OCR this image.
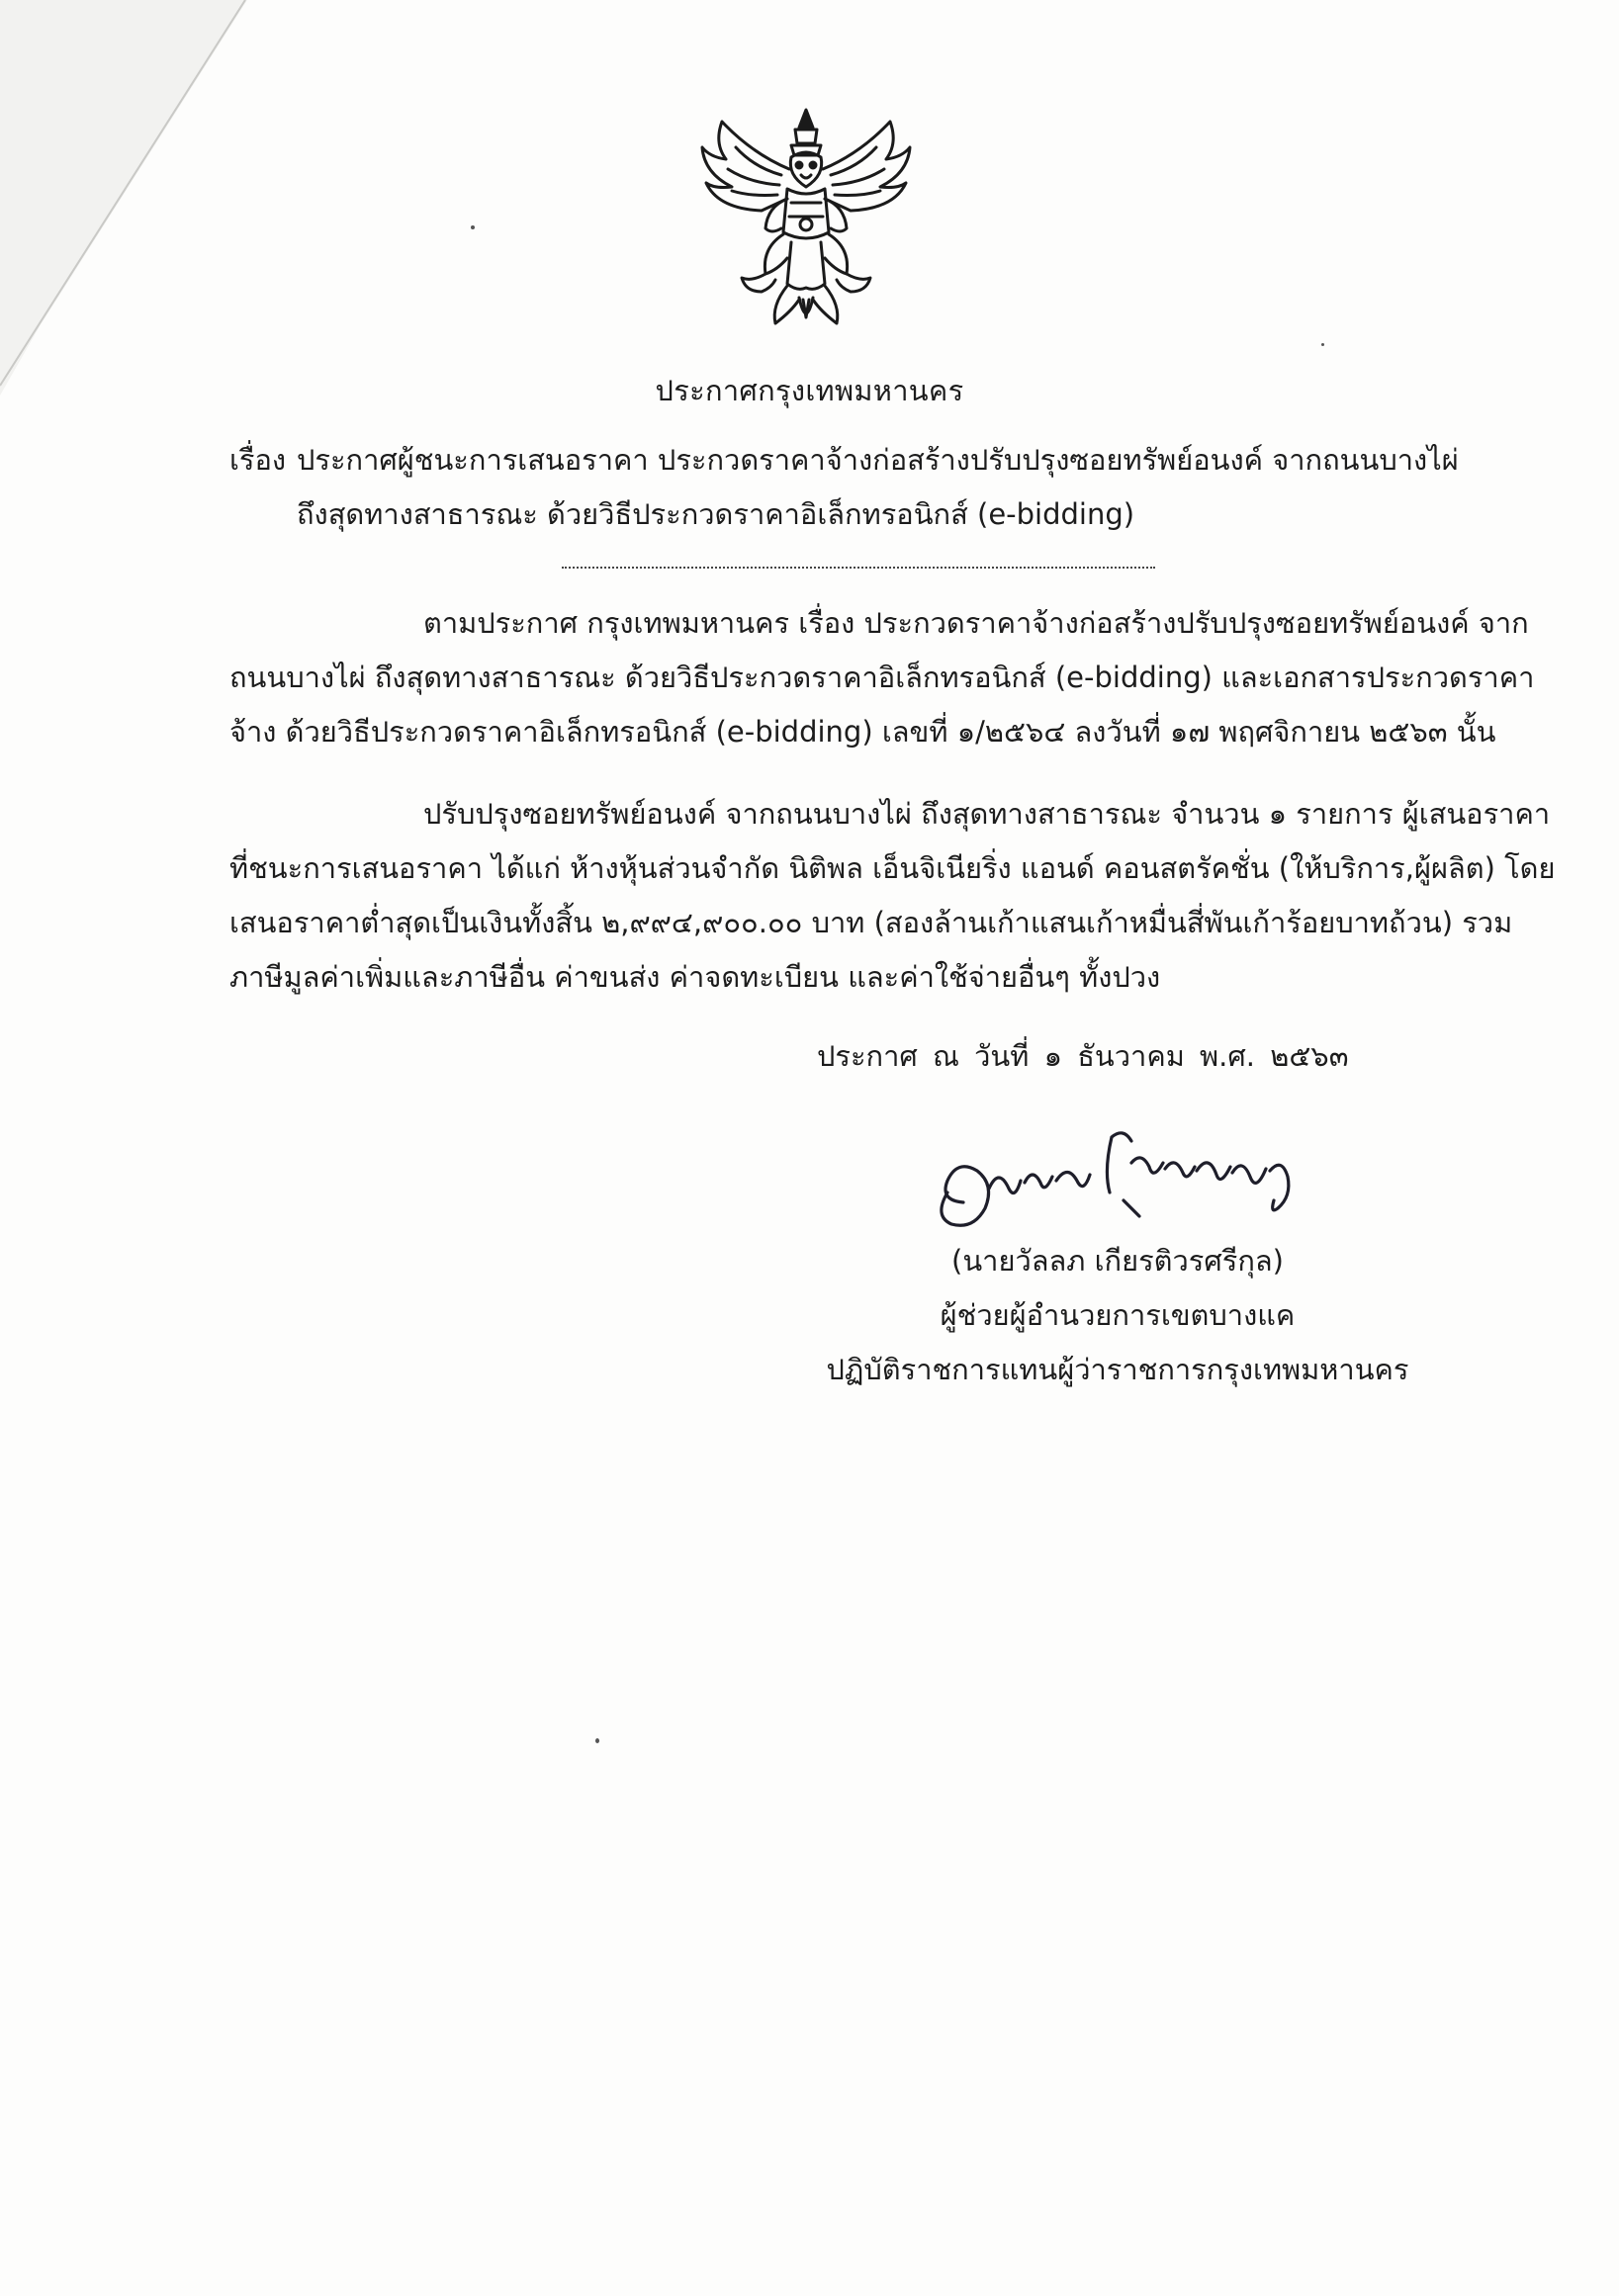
ประกาศกรุงเทพมหานคร
เรื่อง ประกาศผู้ชนะการเสนอราคา ประกวดราคาจ้างก่อสร้างปรับปรุงซอยทรัพย์อนงค์ จากถนนบางไผ่
ถึงสุดทางสาธารณะ ด้วยวิธีประกวดราคาอิเล็กทรอนิกส์ (e-bidding)
ตามประกาศ กรุงเทพมหานคร เรื่อง ประกวดราคาจ้างก่อสร้างปรับปรุงซอยทรัพย์อนงค์ จาก
ถนนบางไผ่ ถึงสุดทางสาธารณะ ด้วยวิธีประกวดราคาอิเล็กทรอนิกส์ (e-bidding) และเอกสารประกวดราคา
จ้าง ด้วยวิธีประกวดราคาอิเล็กทรอนิกส์ (e-bidding) เลขที่ ๑/๒๕๖๔ ลงวันที่ ๑๗ พฤศจิกายน ๒๕๖๓ นั้น
ปรับปรุงซอยทรัพย์อนงค์ จากถนนบางไผ่ ถึงสุดทางสาธารณะ จำนวน ๑ รายการ ผู้เสนอราคา
ที่ชนะการเสนอราคา ได้แก่ ห้างหุ้นส่วนจำกัด นิติพล เอ็นจิเนียริ่ง แอนด์ คอนสตรัคชั่น (ให้บริการ,ผู้ผลิต) โดย
เสนอราคาต่ำสุดเป็นเงินทั้งสิ้น ๒,๙๙๔,๙๐๐.๐๐ บาท (สองล้านเก้าแสนเก้าหมื่นสี่พันเก้าร้อยบาทถ้วน) รวม
ภาษีมูลค่าเพิ่มและภาษีอื่น ค่าขนส่ง ค่าจดทะเบียน และค่าใช้จ่ายอื่นๆ ทั้งปวง
ประกาศ ณ วันที่ ๑ ธันวาคม พ.ศ. ๒๕๖๓
(นายวัลลภ เกียรติวรศรีกุล)
ผู้ช่วยผู้อำนวยการเขตบางแค
ปฏิบัติราชการแทนผู้ว่าราชการกรุงเทพมหานคร
